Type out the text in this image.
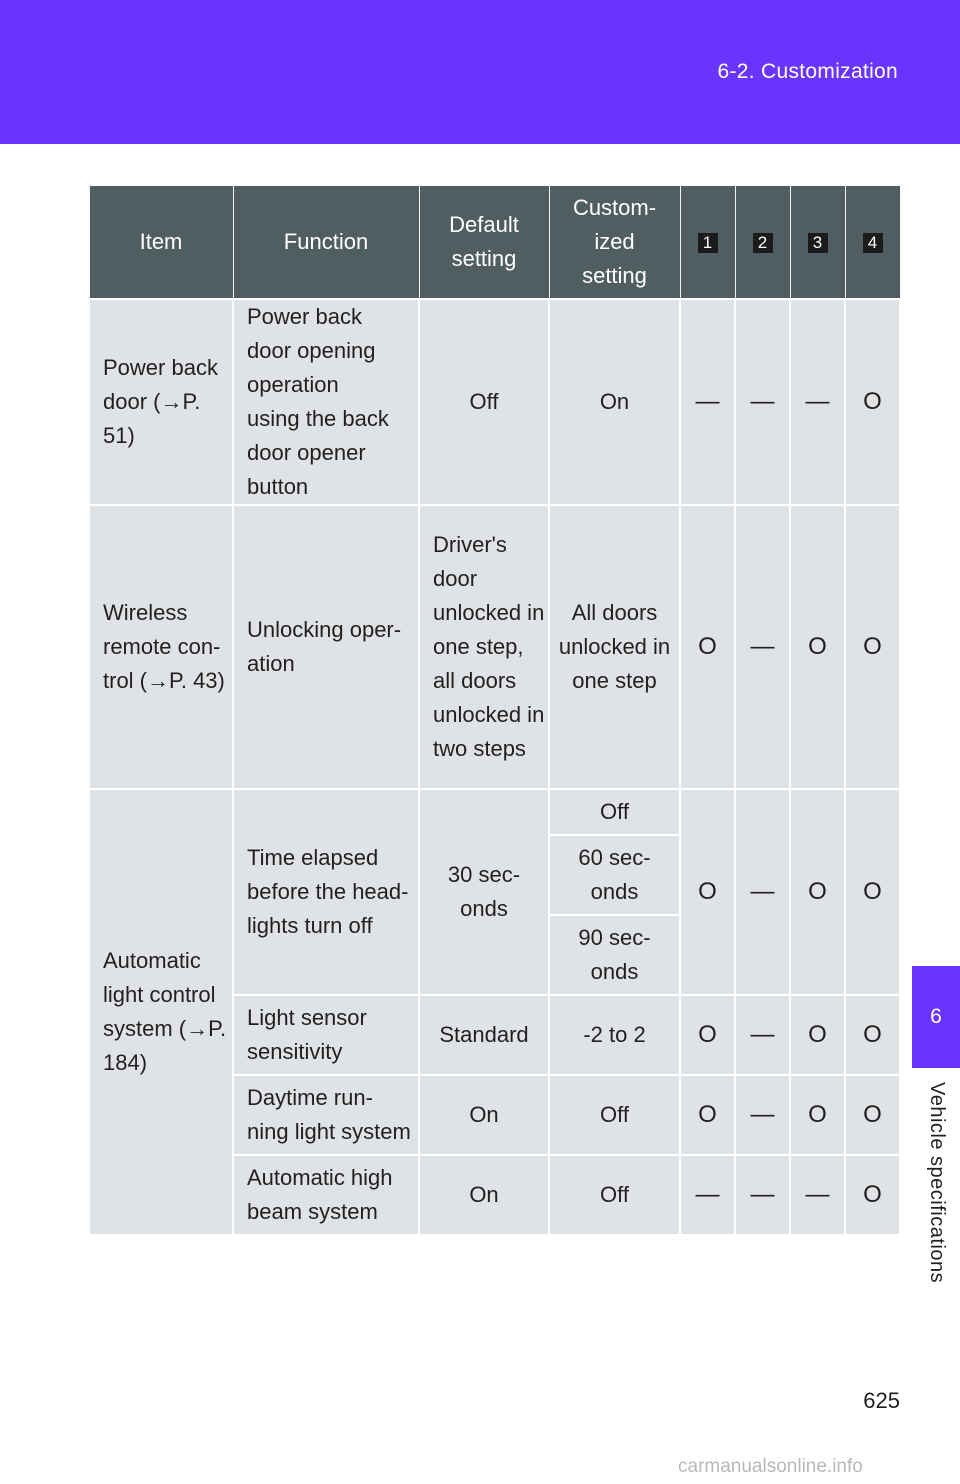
6-2. Customization
6
Vehicle specifications
Item	Function	Default setting	Custom- ized setting	1	2	3	4

Power back door (→P. 51)	Power back door opening operation using the back door opener button	Off	On	—	—	—	O

Wireless remote con- trol (→P. 43)	Unlocking oper- ation	Driver's door unlocked in one step, all doors unlocked in two steps	All doors unlocked in one step	O	—	O	O

Automatic light control system (→P. 184)	Time elapsed before the head- lights turn off	30 sec- onds	Off	O	—	O	O

			60 sec- onds				

			90 sec- onds				

	Light sensor sensitivity	Standard	-2 to 2	O	—	O	O

	Daytime run- ning light system	On	Off	O	—	O	O

	Automatic high beam system	On	Off	—	—	—	O
625
carmanualsonline.info
